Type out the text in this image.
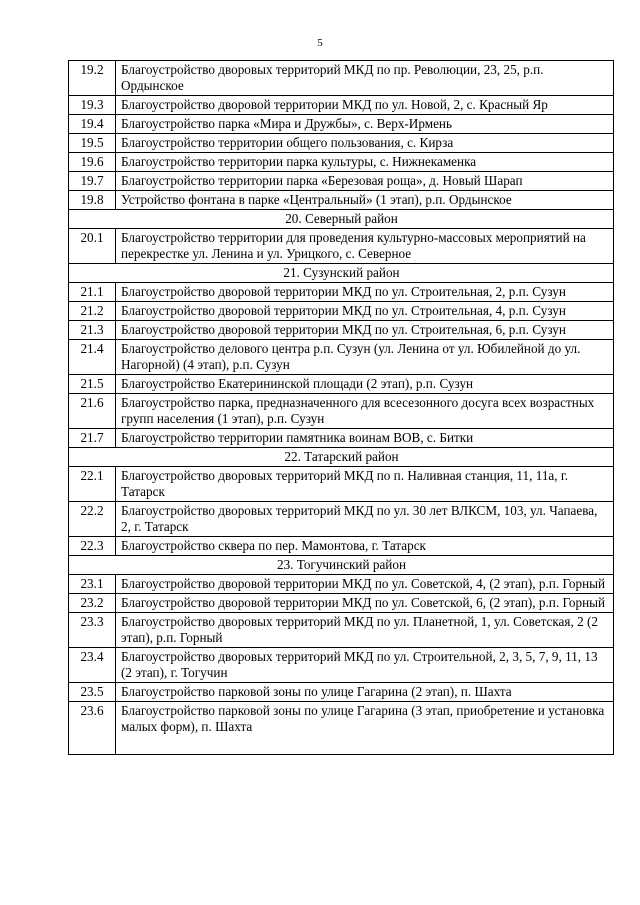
5
19.2	Благоустройство дворовых территорий МКД по пр. Революции, 23, 25, р.п. Ордынское
19.3	Благоустройство дворовой территории МКД по ул. Новой, 2, с. Красный Яр
19.4	Благоустройство парка «Мира и Дружбы», с. Верх-Ирмень
19.5	Благоустройство территории общего пользования, с. Кирза
19.6	Благоустройство территории парка культуры, с. Нижнекаменка
19.7	Благоустройство территории парка «Березовая роща», д. Новый Шарап
19.8	Устройство фонтана в парке «Центральный» (1 этап), р.п. Ордынское
20. Северный район	
20.1	Благоустройство территории для проведения культурно-массовых мероприятий на перекрестке ул. Ленина и ул. Урицкого, с. Северное
21. Сузунский район	
21.1	Благоустройство дворовой территории МКД по ул. Строительная, 2, р.п. Сузун
21.2	Благоустройство дворовой территории МКД по ул. Строительная, 4, р.п. Сузун
21.3	Благоустройство дворовой территории МКД по ул. Строительная, 6, р.п. Сузун
21.4	Благоустройство делового центра р.п. Сузун (ул. Ленина от ул. Юбилейной до ул. Нагорной) (4 этап), р.п. Сузун
21.5	Благоустройство Екатерининской площади (2 этап), р.п. Сузун
21.6	Благоустройство парка, предназначенного для всесезонного досуга всех возрастных групп населения (1 этап), р.п. Сузун
21.7	Благоустройство территории памятника воинам ВОВ, с. Битки
22. Татарский район	
22.1	Благоустройство дворовых территорий МКД по п. Наливная станция, 11, 11а, г. Татарск
22.2	Благоустройство дворовых территорий МКД по ул. 30 лет ВЛКСМ, 103, ул. Чапаева, 2, г. Татарск
22.3	Благоустройство сквера по пер. Мамонтова, г. Татарск
23. Тогучинский район	
23.1	Благоустройство дворовой территории МКД по ул. Советской, 4, (2 этап), р.п. Горный
23.2	Благоустройство дворовой территории МКД по ул. Советской, 6, (2 этап), р.п. Горный
23.3	Благоустройство дворовых территорий МКД по ул. Планетной, 1, ул. Советская, 2 (2 этап), р.п. Горный
23.4	Благоустройство дворовых территорий МКД по ул. Строительной, 2, 3, 5, 7, 9, 11, 13 (2 этап), г. Тогучин
23.5	Благоустройство парковой зоны по улице Гагарина (2 этап), п. Шахта
23.6	Благоустройство парковой зоны по улице Гагарина (3 этап, приобретение и установка малых форм), п. Шахта
